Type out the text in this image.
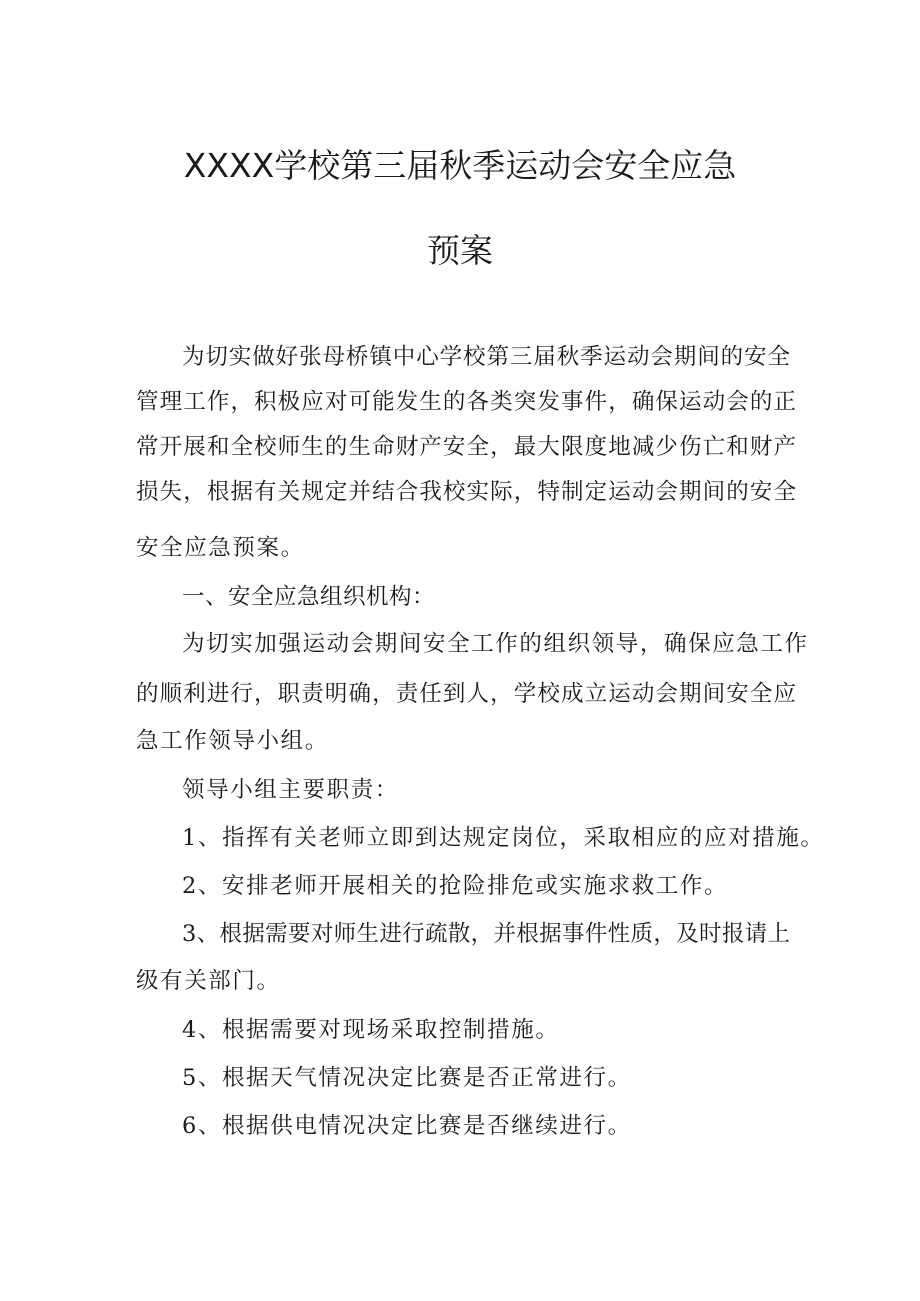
XXXX学校第三届秋季运动会安全应急
预案

为切实做好张母桥镇中心学校第三届秋季运动会期间的安全

管理工作，积极应对可能发生的各类突发事件，确保运动会的正

常开展和全校师生的生命财产安全，最大限度地减少伤亡和财产

损失，根据有关规定并结合我校实际，特制定运动会期间的安全

安全应急预案。

一、安全应急组织机构：

为切实加强运动会期间安全工作的组织领导，确保应急工作

的顺利进行，职责明确，责任到人，学校成立运动会期间安全应

急工作领导小组。

领导小组主要职责：

1、指挥有关老师立即到达规定岗位，采取相应的应对措施。

2、安排老师开展相关的抢险排危或实施求救工作。

3、根据需要对师生进行疏散，并根据事件性质，及时报请上

级有关部门。

4、根据需要对现场采取控制措施。

5、根据天气情况决定比赛是否正常进行。

6、根据供电情况决定比赛是否继续进行。
